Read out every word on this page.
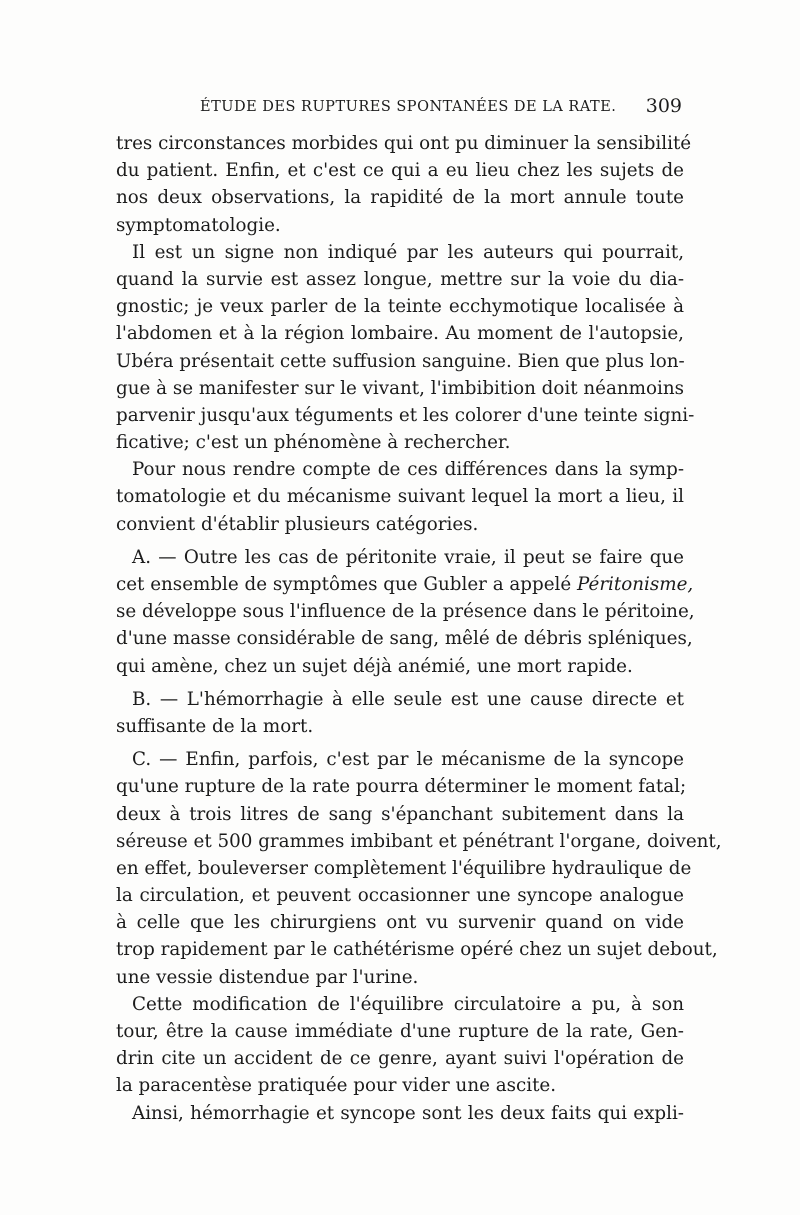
ÉTUDE DES RUPTURES SPONTANÉES DE LA RATE. 309
tres circonstances morbides qui ont pu diminuer la sensibilité
du patient. Enfin, et c'est ce qui a eu lieu chez les sujets de
nos deux observations, la rapidité de la mort annule toute
symptomatologie.
Il est un signe non indiqué par les auteurs qui pourrait,
quand la survie est assez longue, mettre sur la voie du dia-
gnostic; je veux parler de la teinte ecchymotique localisée à
l'abdomen et à la région lombaire. Au moment de l'autopsie,
Ubéra présentait cette suffusion sanguine. Bien que plus lon-
gue à se manifester sur le vivant, l'imbibition doit néanmoins
parvenir jusqu'aux téguments et les colorer d'une teinte signi-
ficative; c'est un phénomène à rechercher.
Pour nous rendre compte de ces différences dans la symp-
tomatologie et du mécanisme suivant lequel la mort a lieu, il
convient d'établir plusieurs catégories.
A. — Outre les cas de péritonite vraie, il peut se faire que
cet ensemble de symptômes que Gubler a appelé Péritonisme,
se développe sous l'influence de la présence dans le péritoine,
d'une masse considérable de sang, mêlé de débris spléniques,
qui amène, chez un sujet déjà anémié, une mort rapide.
B. — L'hémorrhagie à elle seule est une cause directe et
suffisante de la mort.
C. — Enfin, parfois, c'est par le mécanisme de la syncope
qu'une rupture de la rate pourra déterminer le moment fatal;
deux à trois litres de sang s'épanchant subitement dans la
séreuse et 500 grammes imbibant et pénétrant l'organe, doivent,
en effet, bouleverser complètement l'équilibre hydraulique de
la circulation, et peuvent occasionner une syncope analogue
à celle que les chirurgiens ont vu survenir quand on vide
trop rapidement par le cathétérisme opéré chez un sujet debout,
une vessie distendue par l'urine.
Cette modification de l'équilibre circulatoire a pu, à son
tour, être la cause immédiate d'une rupture de la rate, Gen-
drin cite un accident de ce genre, ayant suivi l'opération de
la paracentèse pratiquée pour vider une ascite.
Ainsi, hémorrhagie et syncope sont les deux faits qui expli-
